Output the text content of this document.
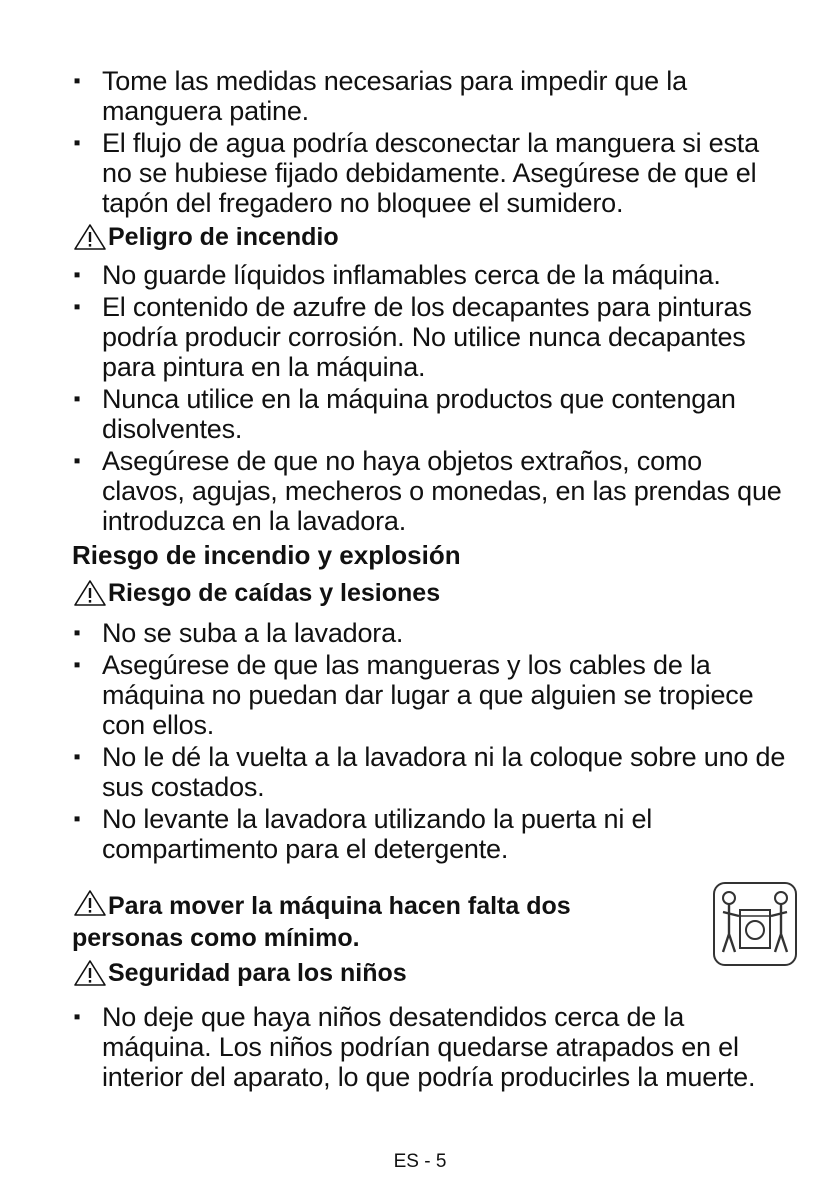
▪ Tome las medidas necesarias para impedir que la manguera patine.
▪ El flujo de agua podría desconectar la manguera si esta no se hubiese fijado debidamente. Asegúrese de que el tapón del fregadero no bloquee el sumidero.
Peligro de incendio
▪ No guarde líquidos inflamables cerca de la máquina.
▪ El contenido de azufre de los decapantes para pinturas podría producir corrosión. No utilice nunca decapantes para pintura en la máquina.
▪ Nunca utilice en la máquina productos que contengan disolventes.
▪ Asegúrese de que no haya objetos extraños, como clavos, agujas, mecheros o monedas, en las prendas que introduzca en la lavadora.
Riesgo de incendio y explosión
Riesgo de caídas y lesiones
▪ No se suba a la lavadora.
▪ Asegúrese de que las mangueras y los cables de la máquina no puedan dar lugar a que alguien se tropiece con ellos.
▪ No le dé la vuelta a la lavadora ni la coloque sobre uno de sus costados.
▪ No levante la lavadora utilizando la puerta ni el compartimento para el detergente.
Para mover la máquina hacen falta dos personas como mínimo.
Seguridad para los niños
▪ No deje que haya niños desatendidos cerca de la máquina. Los niños podrían quedarse atrapados en el interior del aparato, lo que podría producirles la muerte.
ES - 5
